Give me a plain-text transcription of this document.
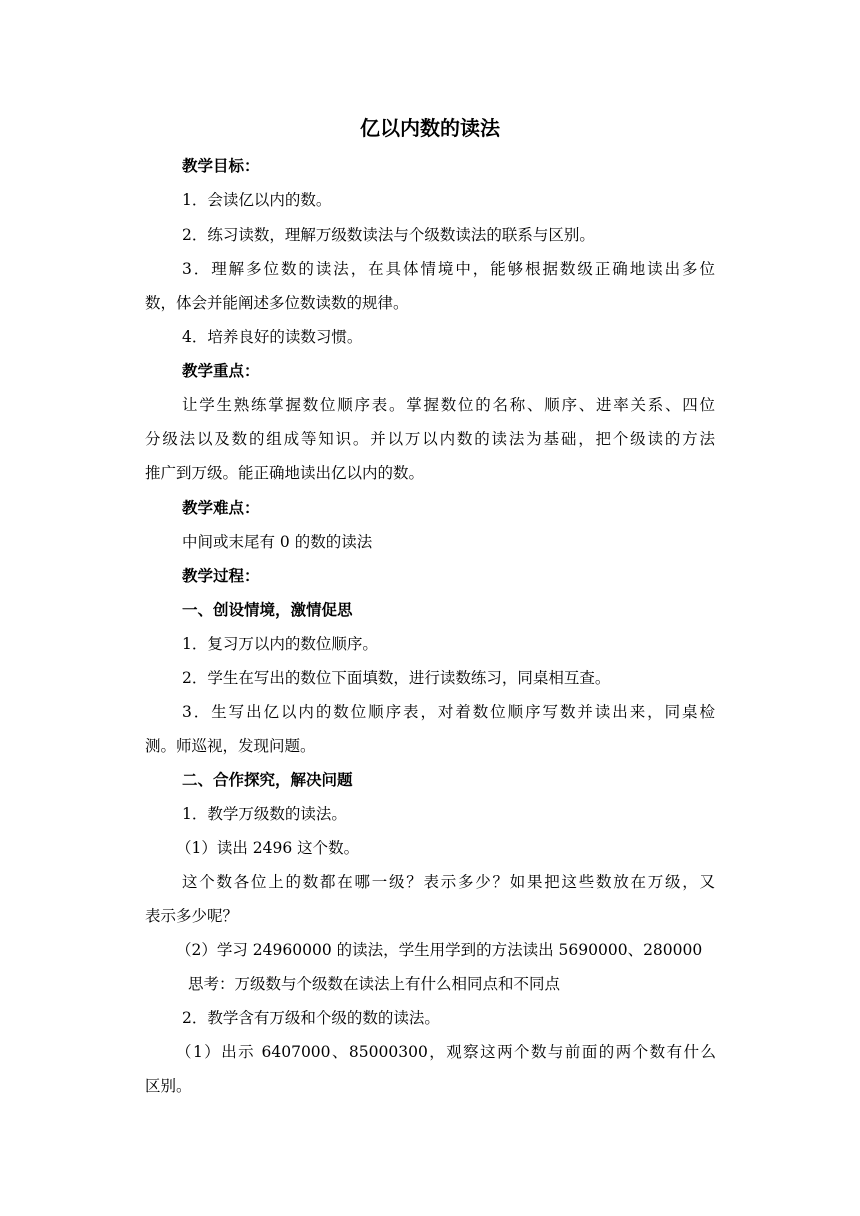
亿以内数的读法
教学目标：
1．会读亿以内的数。
2．练习读数，理解万级数读法与个级数读法的联系与区别。
3．理解多位数的读法，在具体情境中，能够根据数级正确地读出多位
数，体会并能阐述多位数读数的规律。
4．培养良好的读数习惯。
教学重点：
让学生熟练掌握数位顺序表。掌握数位的名称、顺序、进率关系、四位
分级法以及数的组成等知识。并以万以内数的读法为基础，把个级读的方法
推广到万级。能正确地读出亿以内的数。
教学难点：
中间或末尾有 0 的数的读法
教学过程：
一、创设情境，激情促思
1．复习万以内的数位顺序。
2．学生在写出的数位下面填数，进行读数练习，同桌相互查。
3．生写出亿以内的数位顺序表，对着数位顺序写数并读出来，同桌检
测。师巡视，发现问题。
二、合作探究，解决问题
1．教学万级数的读法。
（1）读出 2496 这个数。
这个数各位上的数都在哪一级？表示多少？如果把这些数放在万级，又
表示多少呢？
（2）学习 24960000 的读法，学生用学到的方法读出 5690000、280000
思考：万级数与个级数在读法上有什么相同点和不同点
2．教学含有万级和个级的数的读法。
（1）出示 6407000、85000300，观察这两个数与前面的两个数有什么
区别。
